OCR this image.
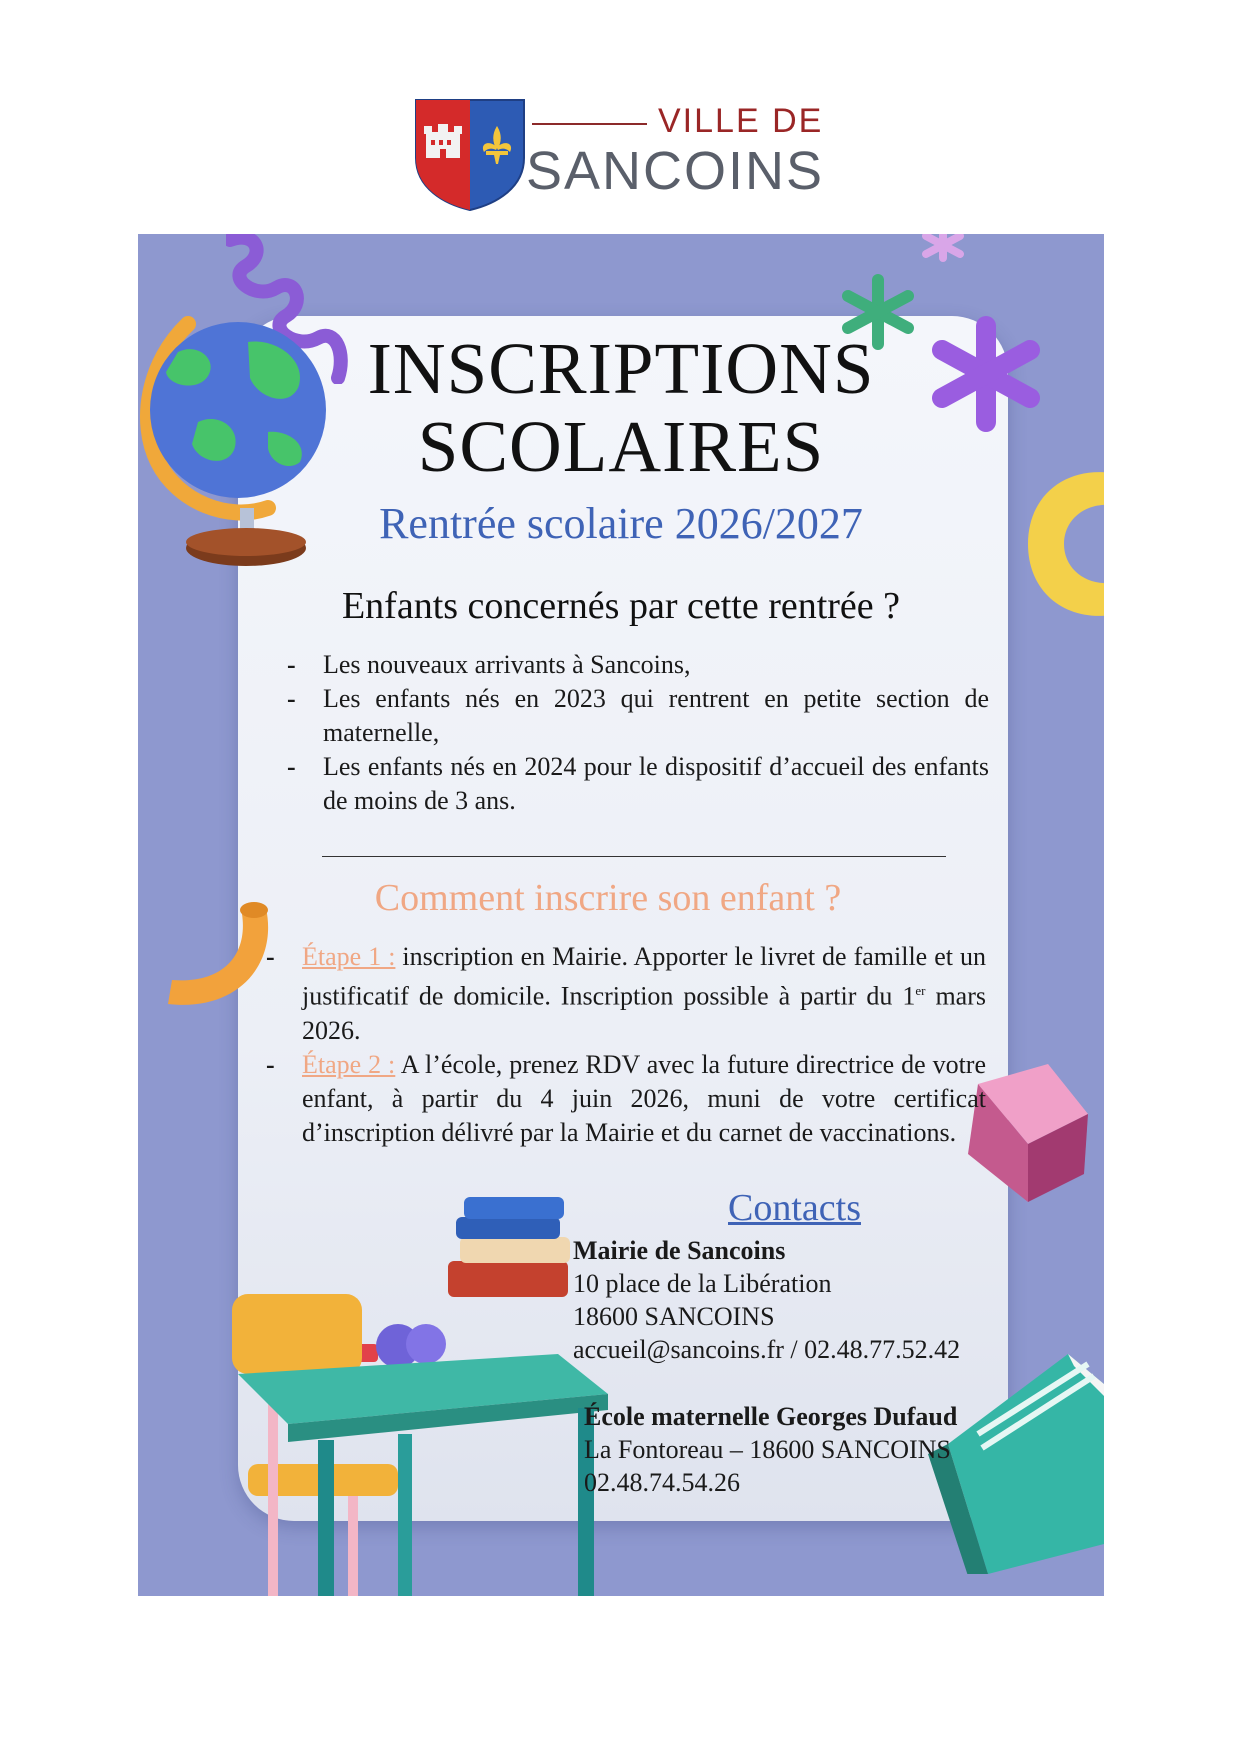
VILLE DE
SANCOINS
INSCRIPTIONS
SCOLAIRES
Rentrée scolaire 2026/2027
Enfants concernés par cette rentrée ?
- Les nouveaux arrivants à Sancoins,
- Les enfants nés en 2023 qui rentrent en petite section de maternelle,
- Les enfants nés en 2024 pour le dispositif d’accueil des enfants de moins de 3 ans.
Comment inscrire son enfant ?
- Étape 1 : inscription en Mairie. Apporter le livret de famille et un justificatif de domicile. Inscription possible à partir du 1er mars 2026.
- Étape 2 : A l’école, prenez RDV avec la future directrice de votre enfant, à partir du 4 juin 2026, muni de votre certificat d’inscription délivré par la Mairie et du carnet de vaccinations.
Contacts
Mairie de Sancoins
10 place de la Libération
18600 SANCOINS
accueil@sancoins.fr / 02.48.77.52.42
École maternelle Georges Dufaud
La Fontoreau – 18600 SANCOINS
02.48.74.54.26
